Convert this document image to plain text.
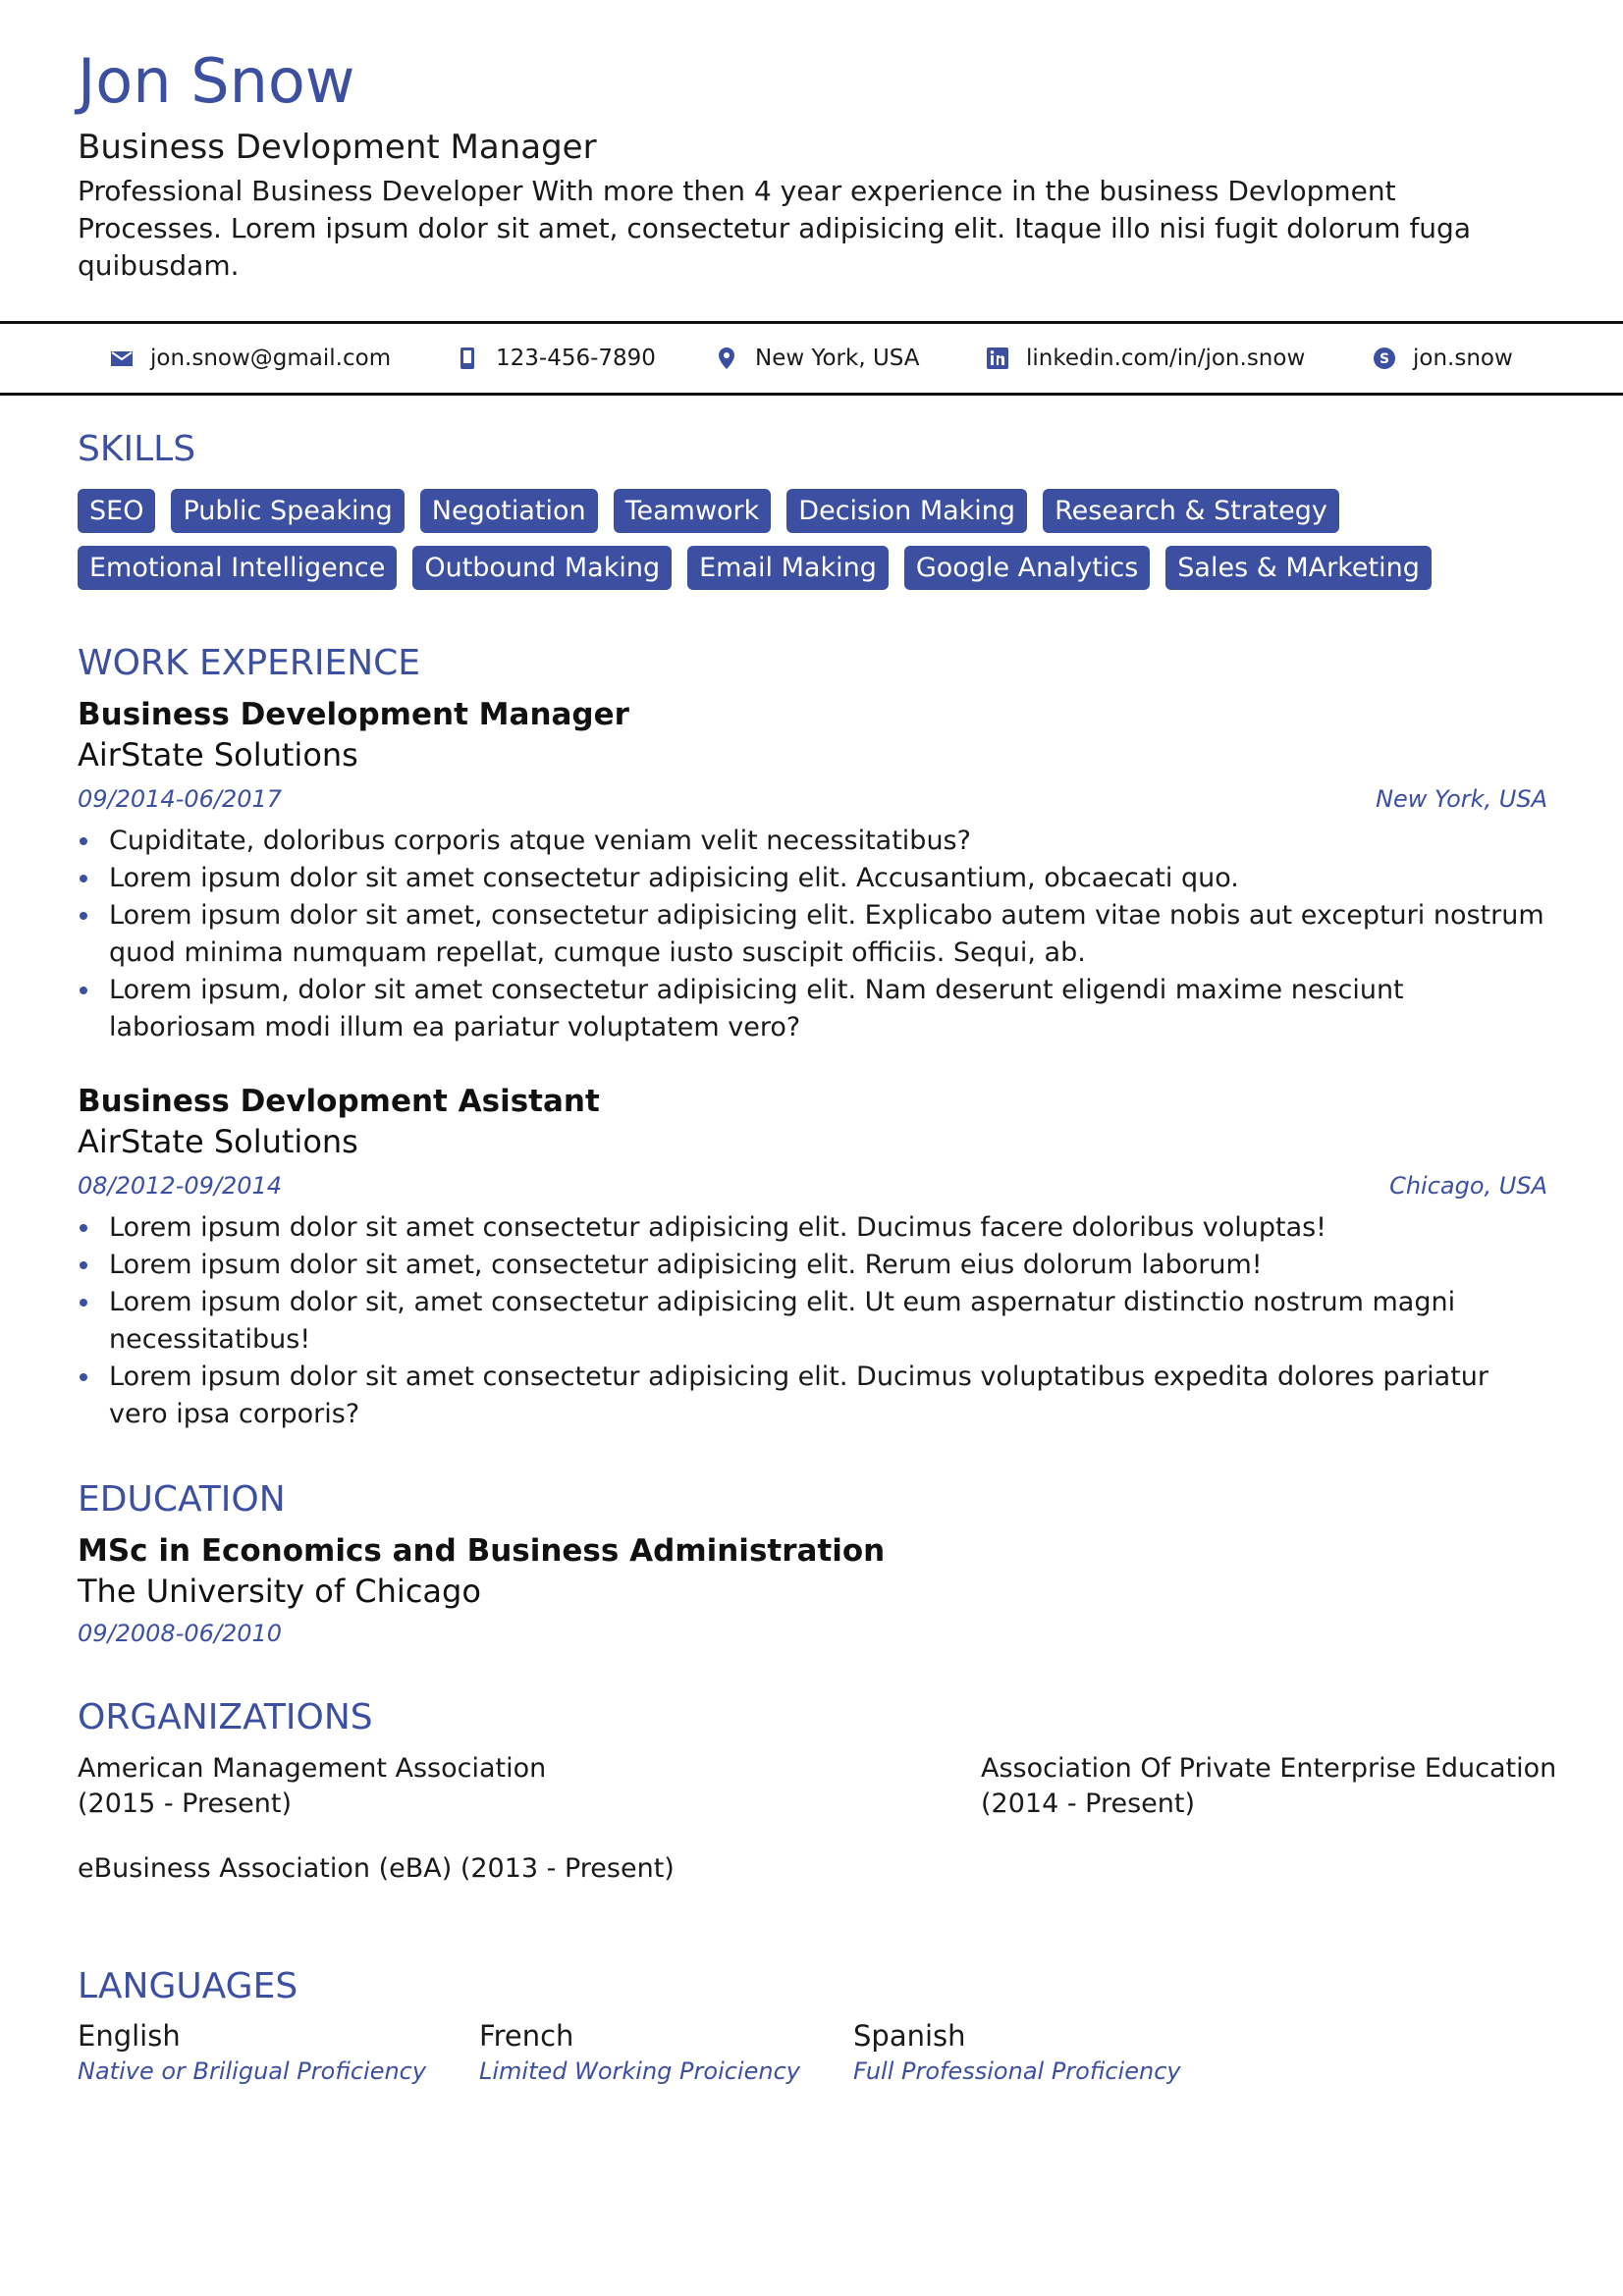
Jon Snow
Business Devlopment Manager
Professional Business Developer With more then 4 year experience in the business Devlopment Processes. Lorem ipsum dolor sit amet, consectetur adipisicing elit. Itaque illo nisi fugit dolorum fuga quibusdam.
jon.snow@gmail.com	123-456-7890	New York, USA	linkedin.com/in/jon.snow	S jon.snow
SKILLS
SEO	Public Speaking	Negotiation	Teamwork	Decision Making	Research & Strategy
Emotional Intelligence	Outbound Making	Email Making	Google Analytics	Sales & MArketing
WORK EXPERIENCE
Business Development Manager
AirState Solutions
09/2014-06/2017	New York, USA
Cupiditate, doloribus corporis atque veniam velit necessitatibus?
Lorem ipsum dolor sit amet consectetur adipisicing elit. Accusantium, obcaecati quo.
Lorem ipsum dolor sit amet, consectetur adipisicing elit. Explicabo autem vitae nobis aut excepturi nostrum quod minima numquam repellat, cumque iusto suscipit officiis. Sequi, ab.
Lorem ipsum, dolor sit amet consectetur adipisicing elit. Nam deserunt eligendi maxime nesciunt laboriosam modi illum ea pariatur voluptatem vero?
Business Devlopment Asistant
AirState Solutions
08/2012-09/2014	Chicago, USA
Lorem ipsum dolor sit amet consectetur adipisicing elit. Ducimus facere doloribus voluptas!
Lorem ipsum dolor sit amet, consectetur adipisicing elit. Rerum eius dolorum laborum!
Lorem ipsum dolor sit, amet consectetur adipisicing elit. Ut eum aspernatur distinctio nostrum magni necessitatibus!
Lorem ipsum dolor sit amet consectetur adipisicing elit. Ducimus voluptatibus expedita dolores pariatur vero ipsa corporis?
EDUCATION
MSc in Economics and Business Administration
The University of Chicago
09/2008-06/2010
ORGANIZATIONS
American Management Association
(2015 - Present)
Association Of Private Enterprise Education
(2014 - Present)
eBusiness Association (eBA) (2013 - Present)
LANGUAGES
English
Native or Briligual Proficiency
French
Limited Working Proiciency
Spanish
Full Professional Proficiency
